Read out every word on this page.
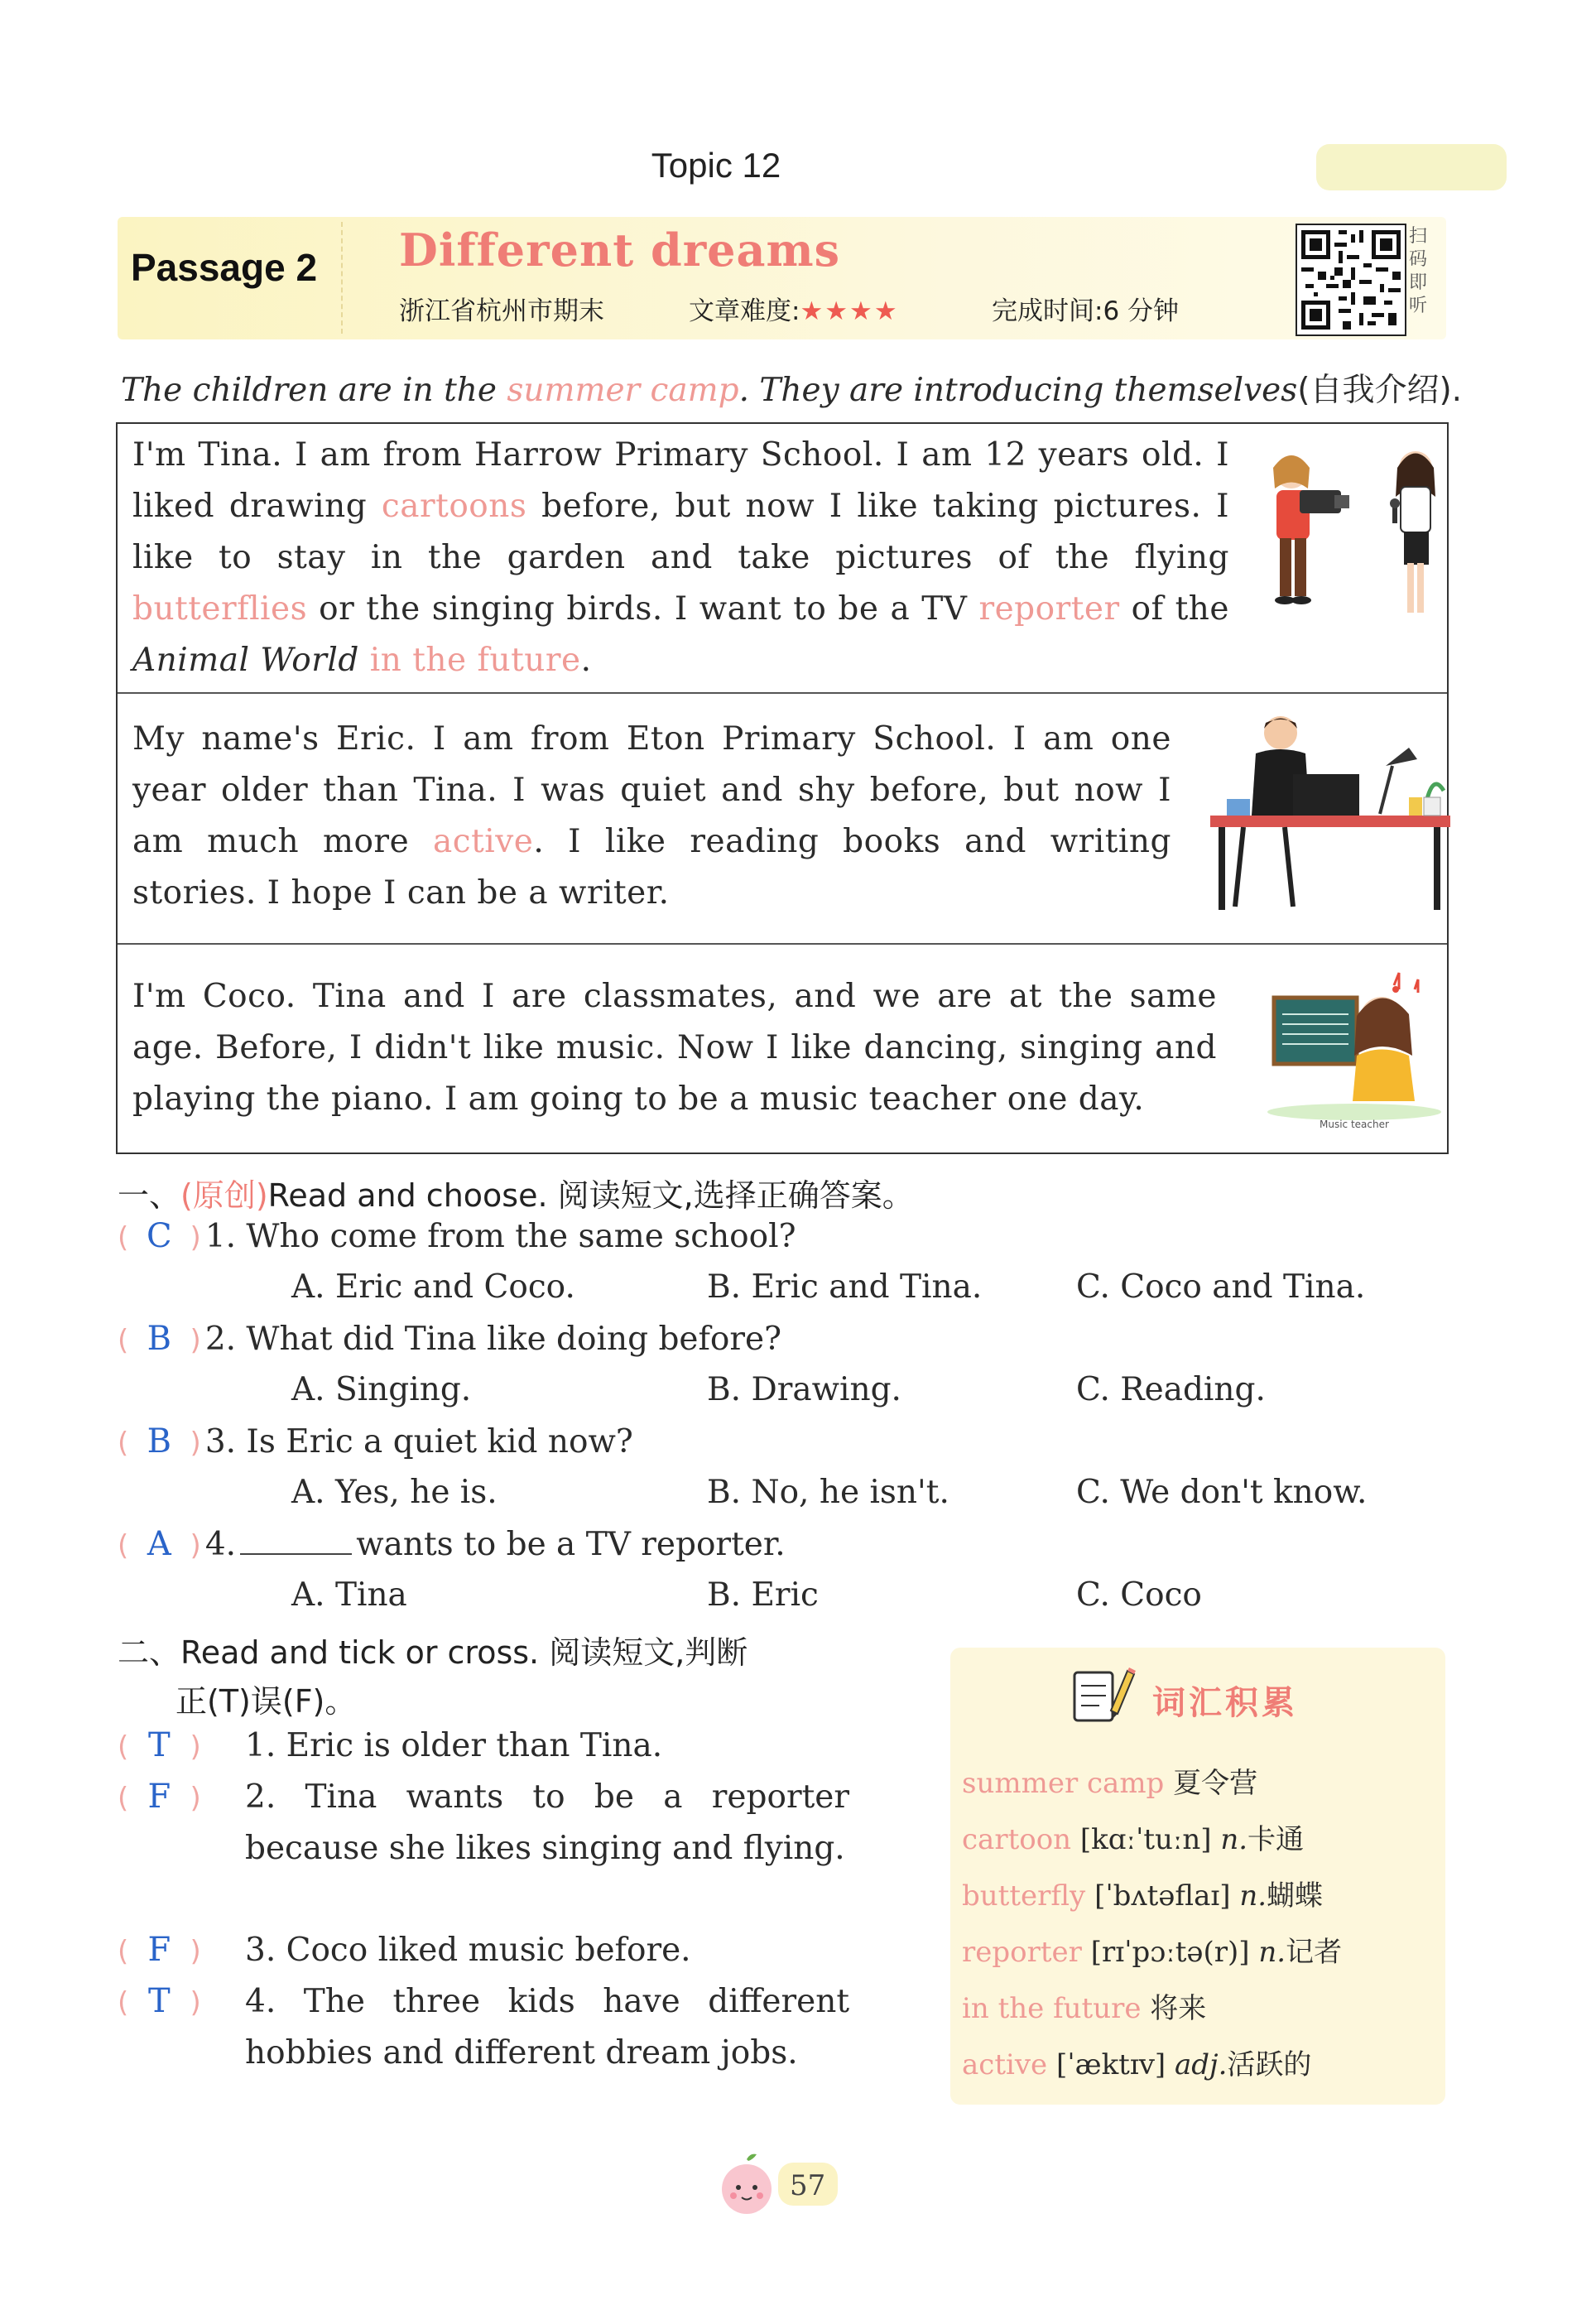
Topic 12
Passage 2 Different dreams
浙江省杭州市期末	文章难度:★★★★	完成时间:6 分钟
扫
码
即
听
The children are in the summer camp. They are introducing themselves(自我介绍).
I'm Tina. I am from Harrow Primary School. I am 12 years old. I liked drawing cartoons before, but now I like taking pictures. I like to stay in the garden and take pictures of the flying butterflies or the singing birds. I want to be a TV reporter of the Animal World in the future.
My name's Eric. I am from Eton Primary School. I am one year older than Tina. I was quiet and shy before, but now I am much more active. I like reading books and writing stories. I hope I can be a writer.
I'm Coco. Tina and I are classmates, and we are at the same age. Before, I didn't like music. Now I like dancing, singing and playing the piano. I am going to be a music teacher one day.
Music teacher
一、(原创)Read and choose. 阅读短文,选择正确答案。
( C ) 1. Who come from the same school?
A. Eric and Coco.	B. Eric and Tina.	C. Coco and Tina.
( B ) 2. What did Tina like doing before?
A. Singing.	B. Drawing.	C. Reading.
( B ) 3. Is Eric a quiet kid now?
A. Yes, he is.	B. No, he isn't.	C. We don't know.
( A ) 4.	wants to be a TV reporter.
A. Tina	B. Eric	C. Coco
二、Read and tick or cross. 阅读短文,判断
正(T)误(F)。
( T ) 1. Eric is older than Tina.
( F ) 2. Tina wants to be a reporter because she likes singing and flying.
( F ) 3. Coco liked music before.
( T ) 4. The three kids have different hobbies and different dream jobs.
词汇积累
summer camp 夏令营
cartoon [kɑːˈtuːn] n.卡通
butterfly [ˈbʌtəflaɪ] n.蝴蝶
reporter [rɪˈpɔːtə(r)] n.记者
in the future 将来
active [ˈæktɪv] adj.活跃的
57
